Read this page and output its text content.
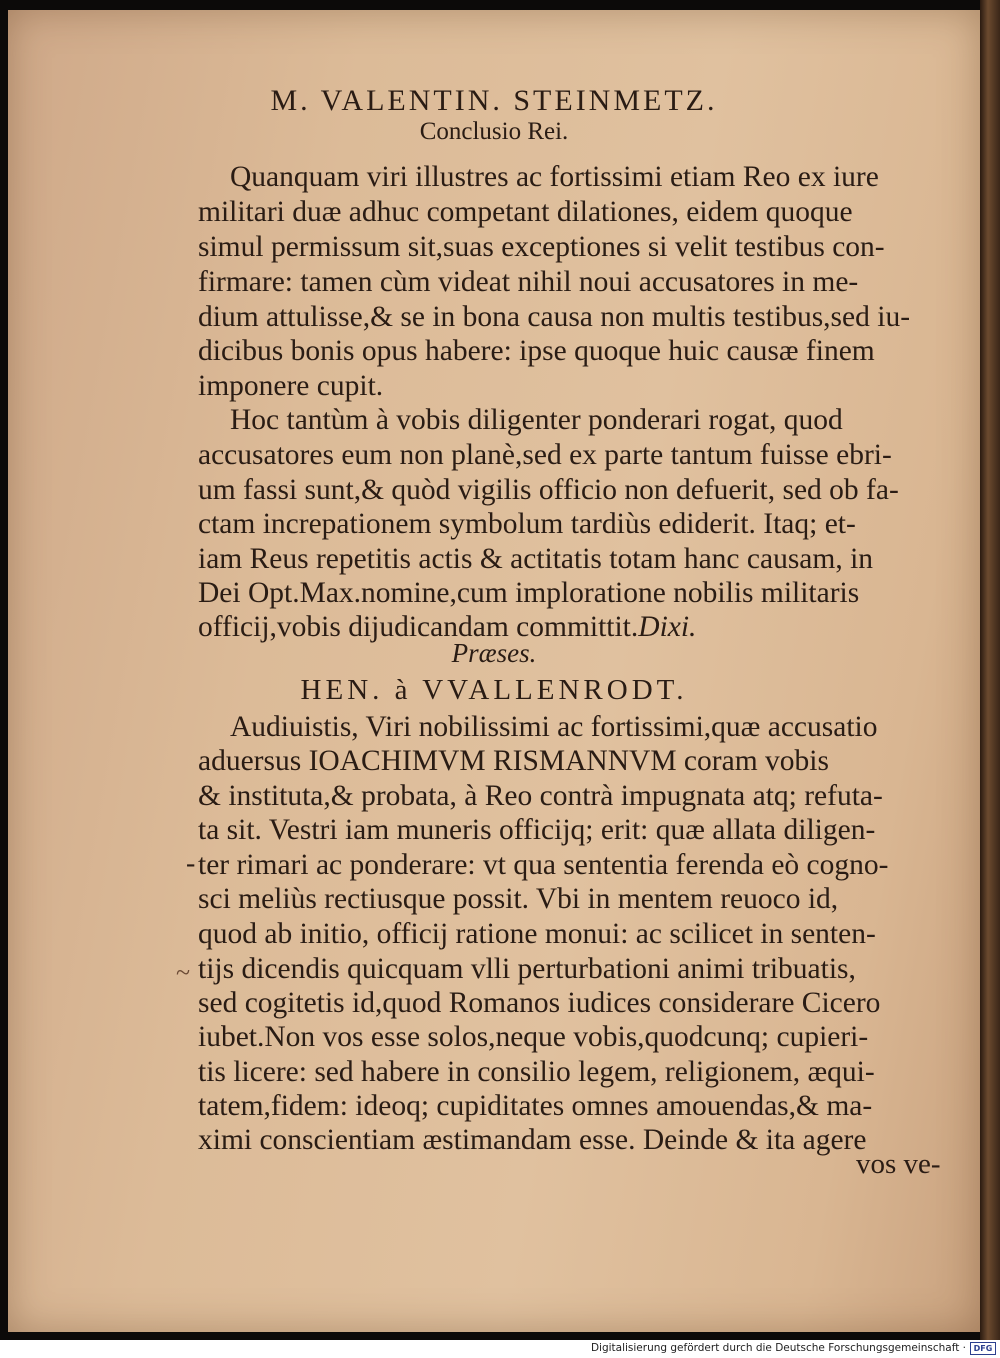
M. VALENTIN. STEINMETZ.
Conclusio Rei.
Quanquam viri illustres ac fortissimi etiam Reo ex iure
militari duæ adhuc competant dilationes, eidem quoque
simul permissum sit,suas exceptiones si velit testibus con-
firmare: tamen cùm videat nihil noui accusatores in me-
dium attulisse,& se in bona causa non multis testibus,sed iu-
dicibus bonis opus habere: ipse quoque huic causæ finem
imponere cupit.
Hoc tantùm à vobis diligenter ponderari rogat, quod
accusatores eum non planè,sed ex parte tantum fuisse ebri-
um fassi sunt,& quòd vigilis officio non defuerit, sed ob fa-
ctam increpationem symbolum tardiùs ediderit. Itaq; et-
iam Reus repetitis actis & actitatis totam hanc causam, in
Dei Opt.Max.nomine,cum imploratione nobilis militaris
officij,vobis dijudicandam committit.Dixi.
Præses.
HEN. à VVALLENRODT.
Audiuistis, Viri nobilissimi ac fortissimi,quæ accusatio
aduersus IOACHIMVM RISMANNVM coram vobis
& instituta,& probata, à Reo contrà impugnata atq; refuta-
ta sit. Vestri iam muneris officijq; erit: quæ allata diligen-
ter rimari ac ponderare: vt qua sententia ferenda eò cogno-
sci meliùs rectiusque possit. Vbi in mentem reuoco id,
quod ab initio, officij ratione monui: ac scilicet in senten-
tijs dicendis quicquam vlli perturbationi animi tribuatis,
sed cogitetis id,quod Romanos iudices considerare Cicero
iubet.Non vos esse solos,neque vobis,quodcunq; cupieri-
tis licere: sed habere in consilio legem, religionem, æqui-
tatem,fidem: ideoq; cupiditates omnes amouendas,& ma-
ximi conscientiam æstimandam esse. Deinde & ita agere
vos ve-
-
~
Digitalisierung gefördert durch die Deutsche Forschungsgemeinschaft · DFG
